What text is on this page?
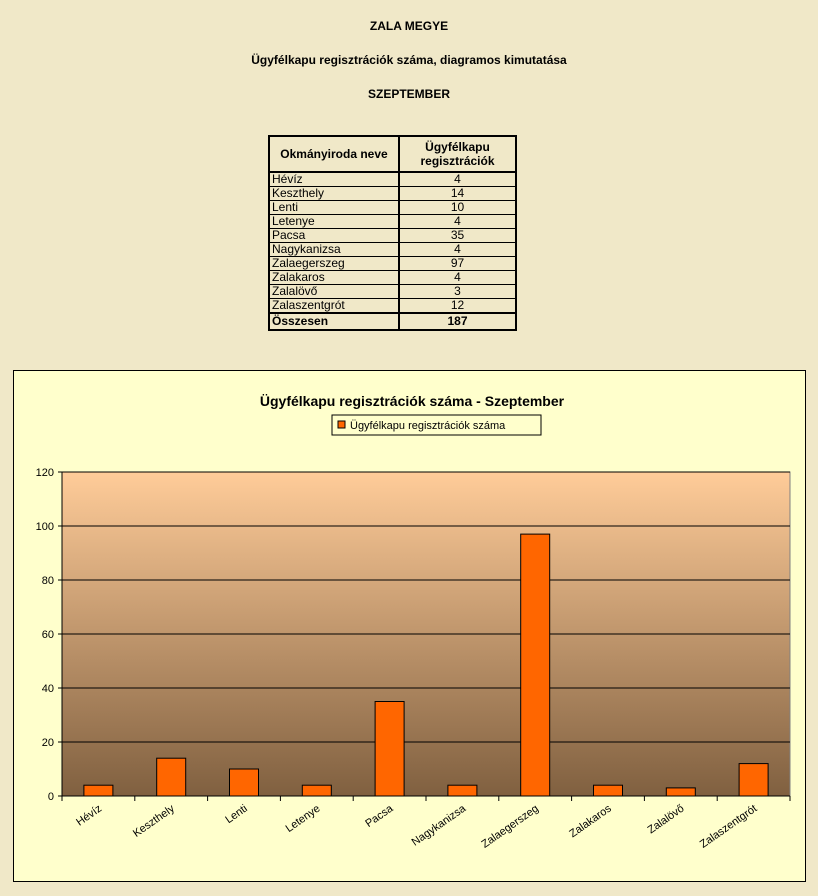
ZALA MEGYE
Ügyfélkapu regisztrációk száma, diagramos kimutatása
SZEPTEMBER
Okmányiroda neve	Ügyfélkapu
regisztrációk
Hévíz	4
Keszthely	14
Lenti	10
Letenye	4
Pacsa	35
Nagykanizsa	4
Zalaegerszeg	97
Zalakaros	4
Zalalövő	3
Zalaszentgrót	12
Összesen	187
Ügyfélkapu regisztrációk száma - Szeptember
Ügyfélkapu regisztrációk száma
0
20
40
60
80
100
120
Hévíz Keszthely	Lenti	Letenye	Pacsa Nagykanizsa Zalaegerszeg Zalakaros	Zalalövő Zalaszentgrót
